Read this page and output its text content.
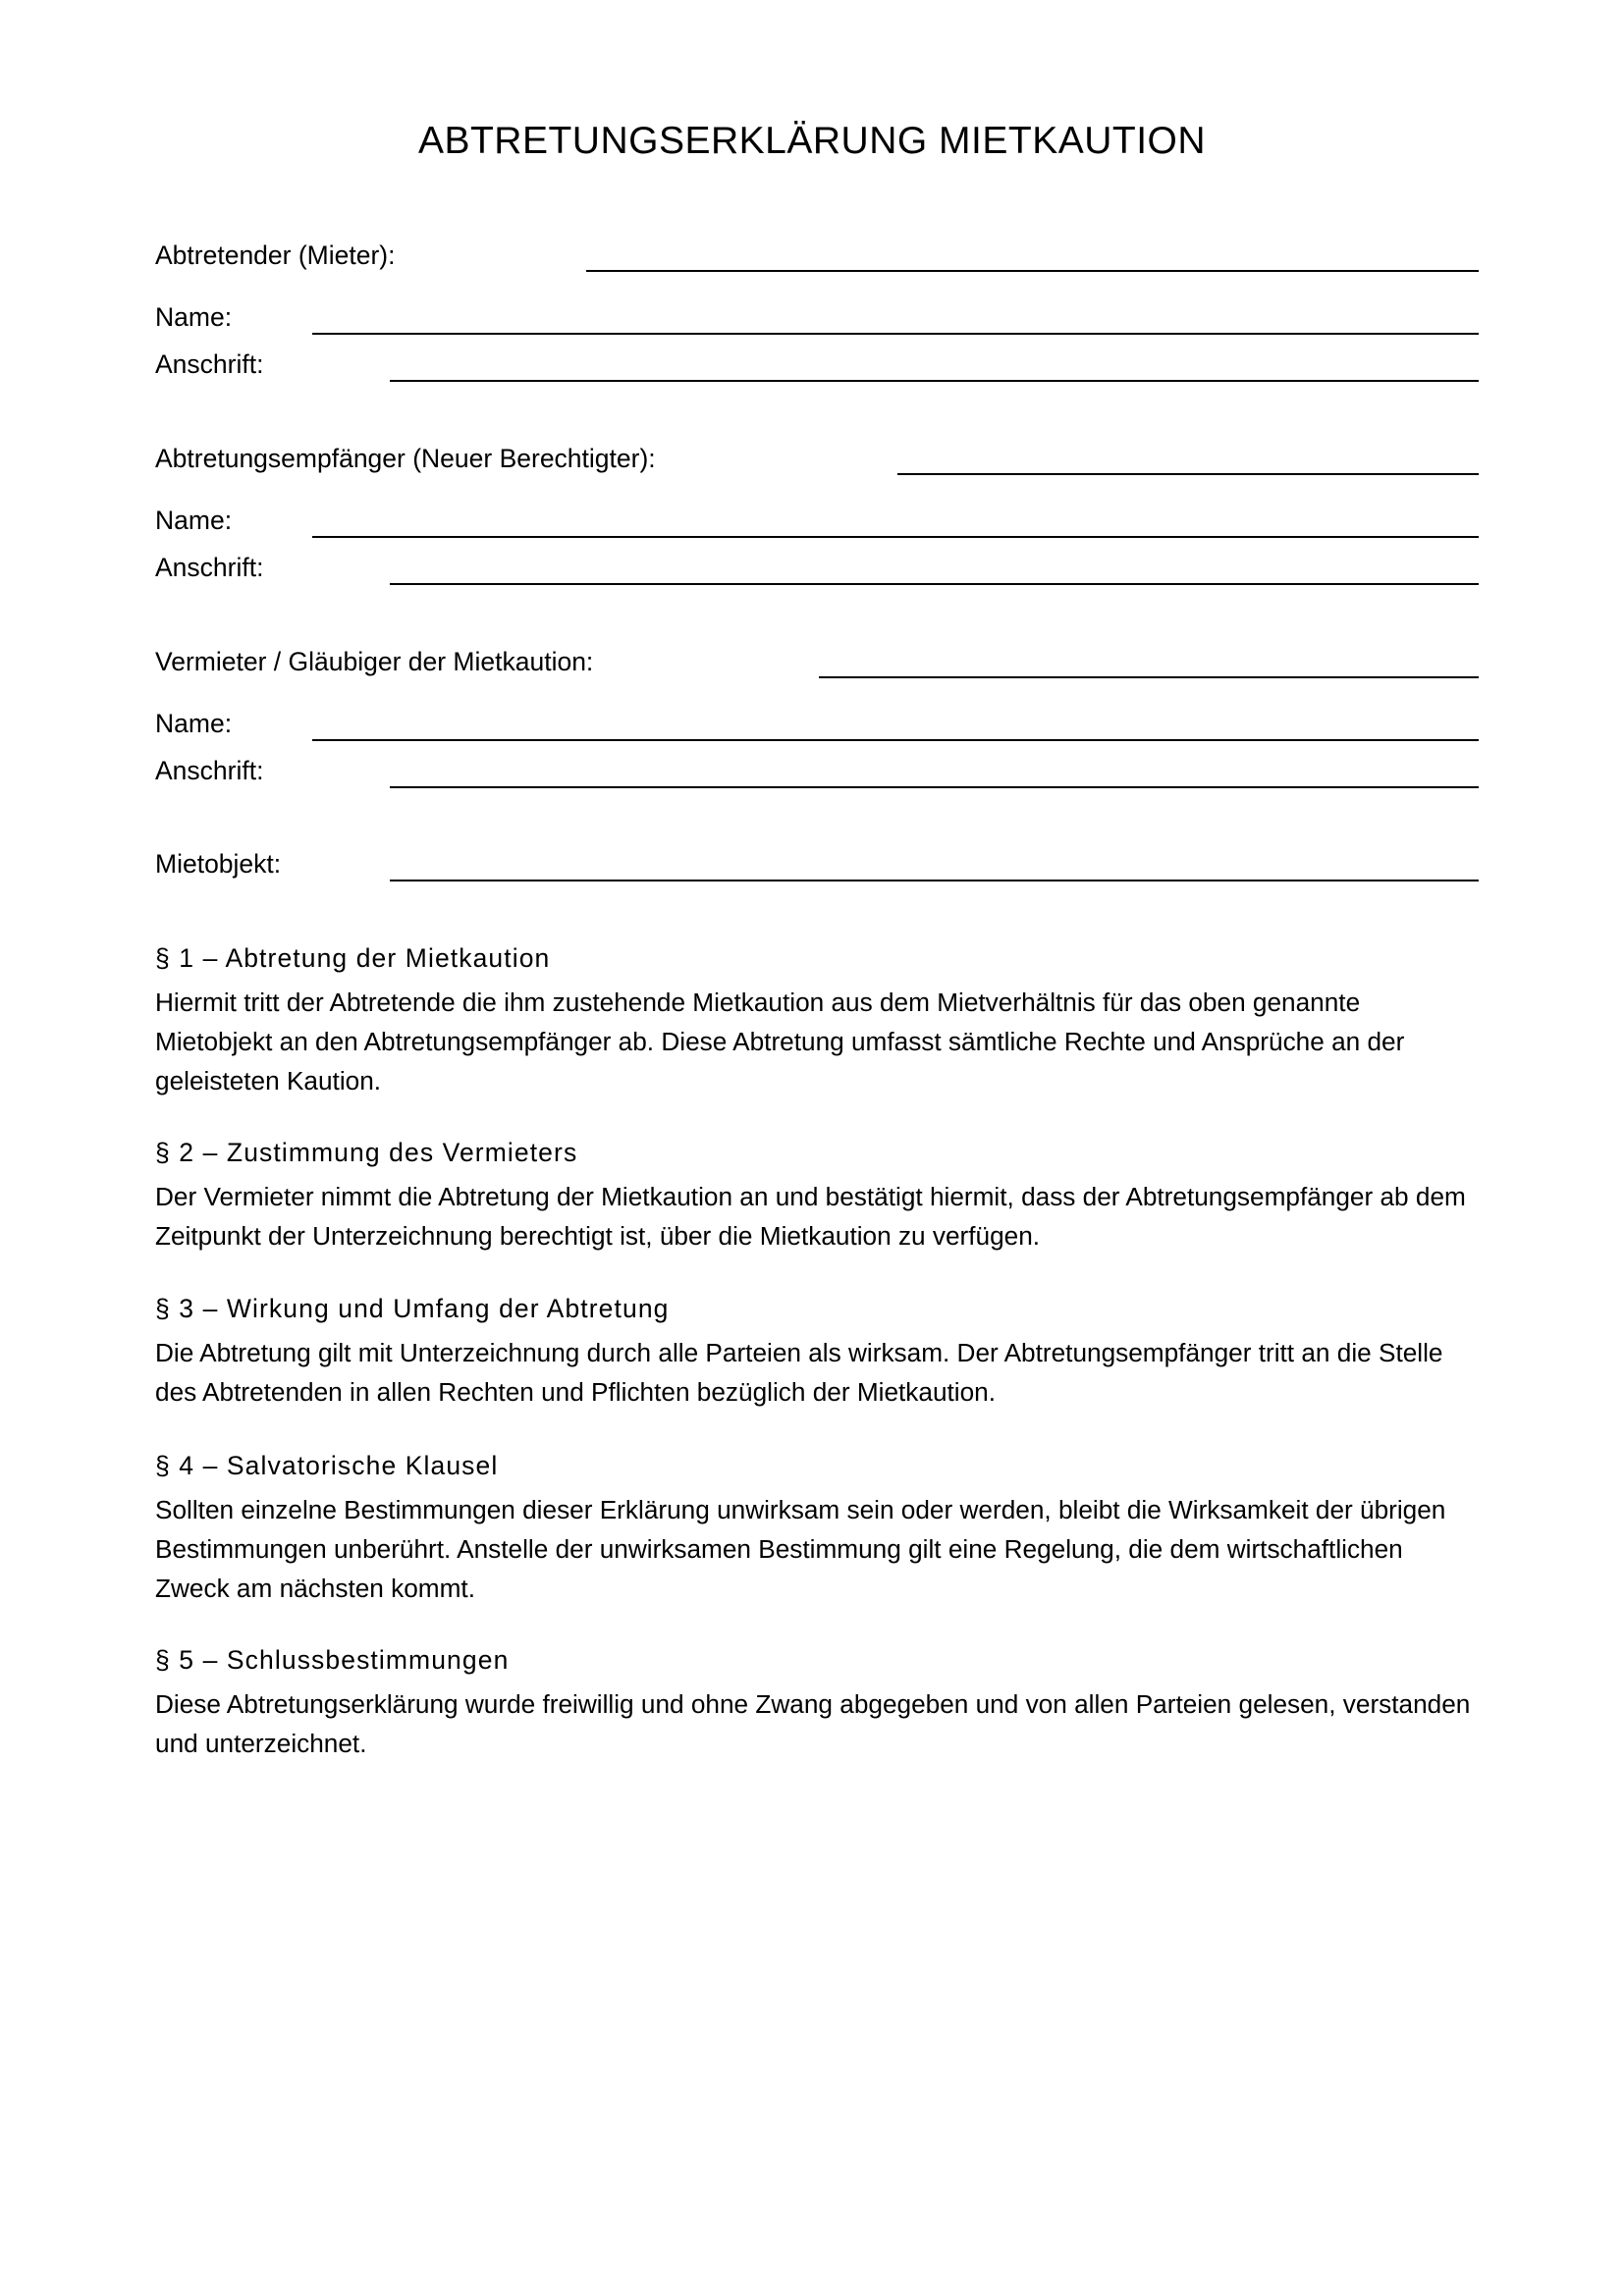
ABTRETUNGSERKLÄRUNG MIETKAUTION
Abtretender (Mieter):
Name:
Anschrift:
Abtretungsempfänger (Neuer Berechtigter):
Name:
Anschrift:
Vermieter / Gläubiger der Mietkaution:
Name:
Anschrift:
Mietobjekt:
§ 1 – Abtretung der Mietkaution

Hiermit tritt der Abtretende die ihm zustehende Mietkaution aus dem Mietverhältnis für das oben genannte Mietobjekt an den Abtretungsempfänger ab. Diese Abtretung umfasst sämtliche Rechte und Ansprüche an der geleisteten Kaution.

§ 2 – Zustimmung des Vermieters

Der Vermieter nimmt die Abtretung der Mietkaution an und bestätigt hiermit, dass der Abtretungsempfänger ab dem Zeitpunkt der Unterzeichnung berechtigt ist, über die Mietkaution zu verfügen.

§ 3 – Wirkung und Umfang der Abtretung

Die Abtretung gilt mit Unterzeichnung durch alle Parteien als wirksam. Der Abtretungsempfänger tritt an die Stelle des Abtretenden in allen Rechten und Pflichten bezüglich der Mietkaution.

§ 4 – Salvatorische Klausel

Sollten einzelne Bestimmungen dieser Erklärung unwirksam sein oder werden, bleibt die Wirksamkeit der übrigen Bestimmungen unberührt. Anstelle der unwirksamen Bestimmung gilt eine Regelung, die dem wirtschaftlichen Zweck am nächsten kommt.

§ 5 – Schlussbestimmungen

Diese Abtretungserklärung wurde freiwillig und ohne Zwang abgegeben und von allen Parteien gelesen, verstanden und unterzeichnet.
